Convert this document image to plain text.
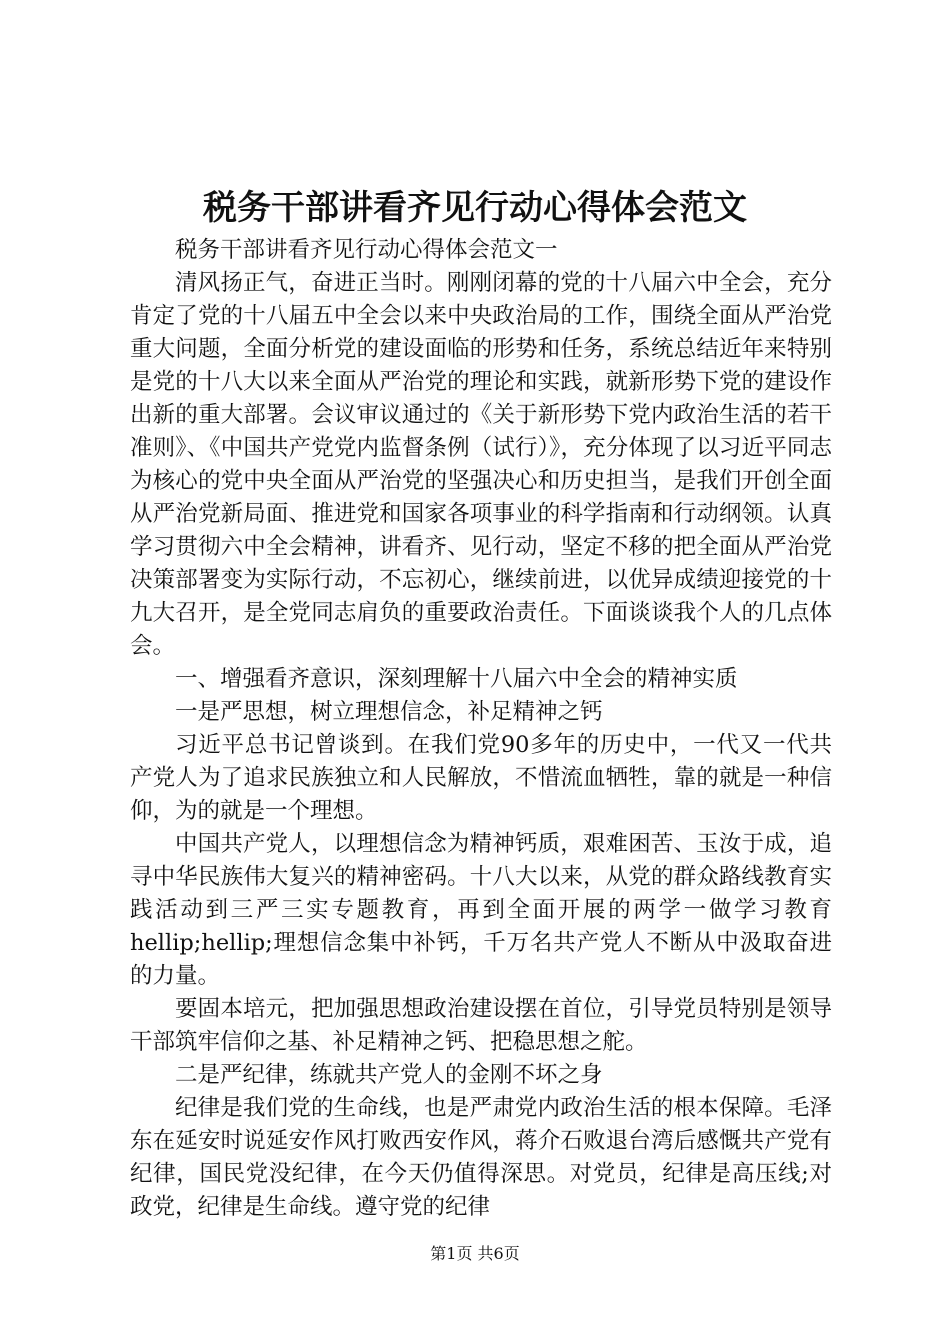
税务干部讲看齐见行动心得体会范文

税务干部讲看齐见行动心得体会范文一

清风扬正气，奋进正当时。刚刚闭幕的党的十八届六中全会，充分肯定了党的十八届五中全会以来中央政治局的工作，围绕全面从严治党重大问题，全面分析党的建设面临的形势和任务，系统总结近年来特别是党的十八大以来全面从严治党的理论和实践，就新形势下党的建设作出新的重大部署。会议审议通过的《关于新形势下党内政治生活的若干准则》、《中国共产党党内监督条例（试行）》，充分体现了以习近平同志为核心的党中央全面从严治党的坚强决心和历史担当，是我们开创全面从严治党新局面、推进党和国家各项事业的科学指南和行动纲领。认真学习贯彻六中全会精神，讲看齐、见行动，坚定不移的把全面从严治党决策部署变为实际行动，不忘初心，继续前进，以优异成绩迎接党的十九大召开，是全党同志肩负的重要政治责任。下面谈谈我个人的几点体会。

一、增强看齐意识，深刻理解十八届六中全会的精神实质

一是严思想，树立理想信念，补足精神之钙

习近平总书记曾谈到。在我们党90多年的历史中，一代又一代共产党人为了追求民族独立和人民解放，不惜流血牺牲，靠的就是一种信仰，为的就是一个理想。

中国共产党人，以理想信念为精神钙质，艰难困苦、玉汝于成，追寻中华民族伟大复兴的精神密码。十八大以来，从党的群众路线教育实践活动到三严三实专题教育，再到全面开展的两学一做学习教育hellip;hellip;理想信念集中补钙，千万名共产党人不断从中汲取奋进的力量。

要固本培元，把加强思想政治建设摆在首位，引导党员特别是领导干部筑牢信仰之基、补足精神之钙、把稳思想之舵。

二是严纪律，练就共产党人的金刚不坏之身

纪律是我们党的生命线，也是严肃党内政治生活的根本保障。毛泽东在延安时说延安作风打败西安作风，蒋介石败退台湾后感慨共产党有纪律，国民党没纪律，在今天仍值得深思。对党员，纪律是高压线;对政党，纪律是生命线。遵守党的纪律

第1页 共6页
